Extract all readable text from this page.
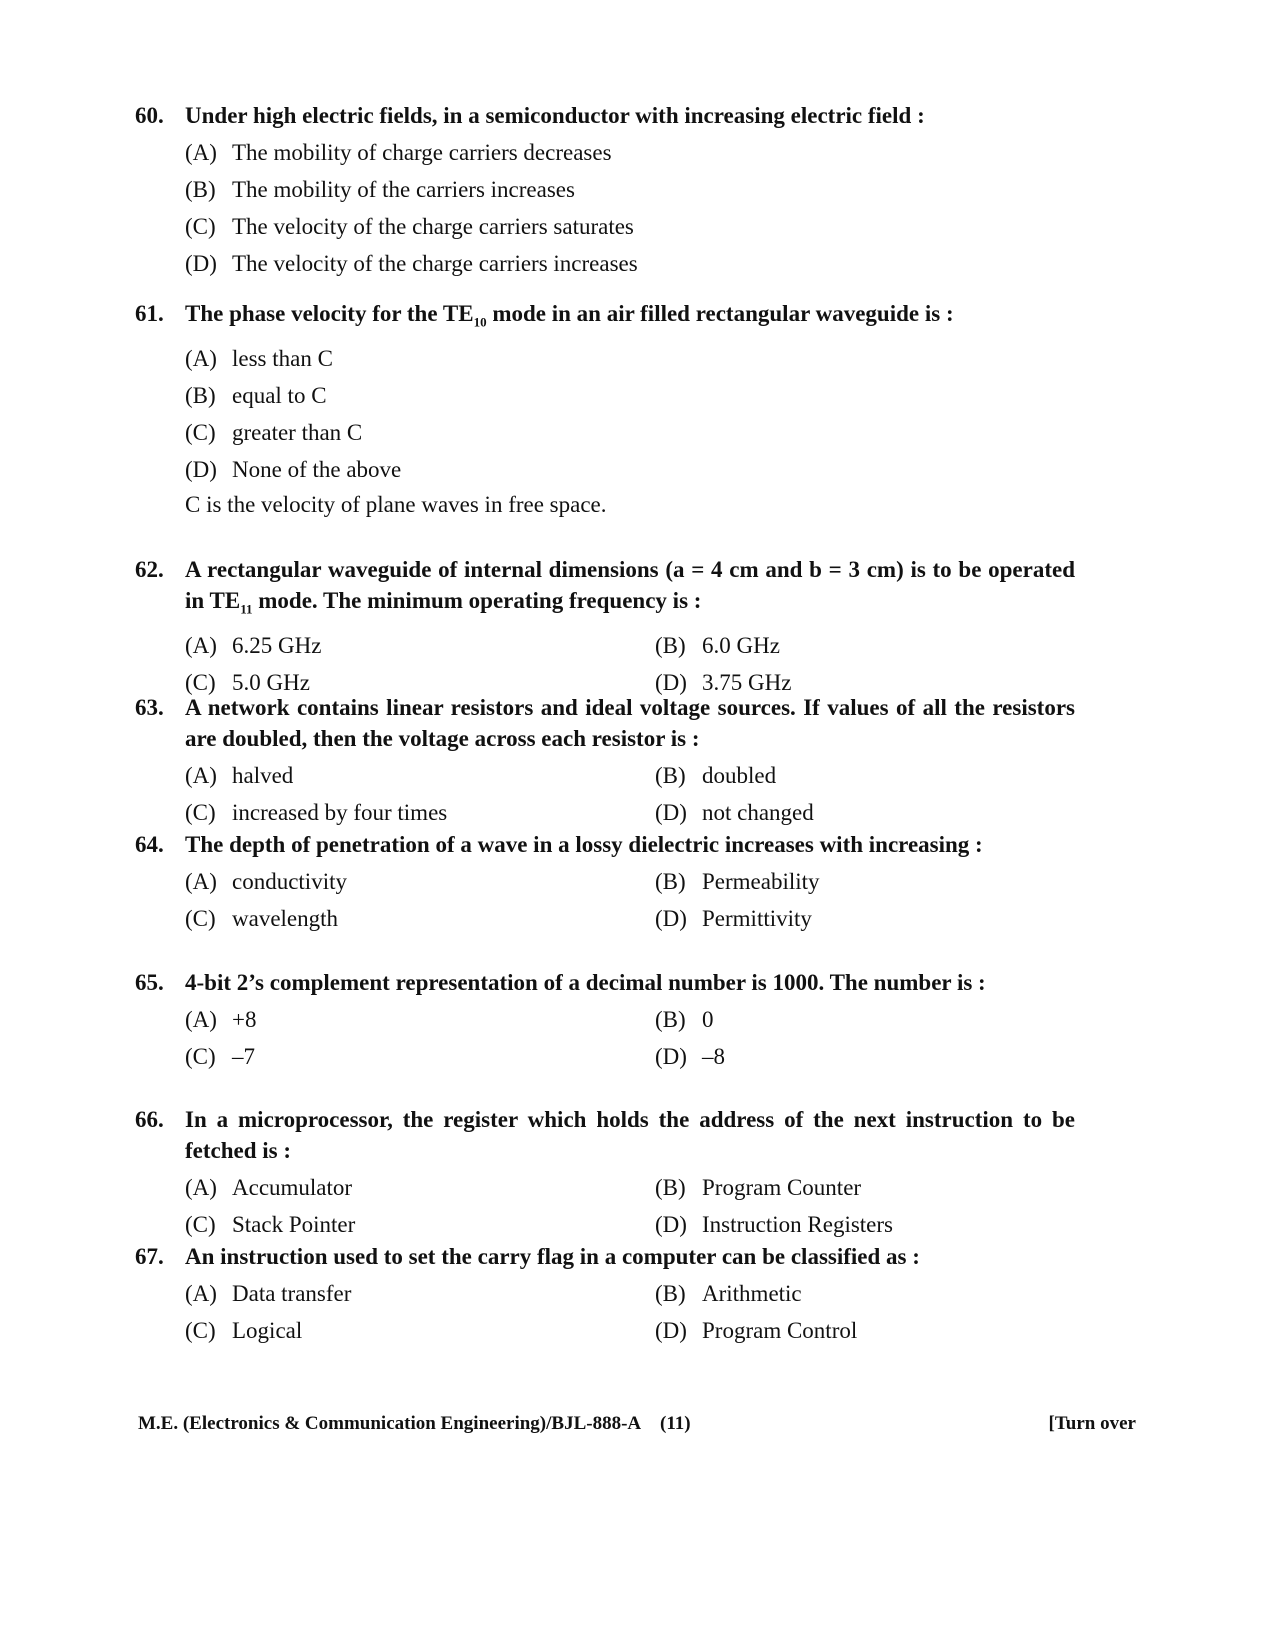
60. Under high electric fields, in a semiconductor with increasing electric field :
(A) The mobility of charge carriers decreases
(B) The mobility of the carriers increases
(C) The velocity of the charge carriers saturates
(D) The velocity of the charge carriers increases
61. The phase velocity for the $TE_{10}$ mode in an air filled rectangular waveguide is :
(A) less than C
(B) equal to C
(C) greater than C
(D) None of the above
C is the velocity of plane waves in free space.
62. A rectangular waveguide of internal dimensions (a = 4 cm and b = 3 cm) is to be operated in $TE_{11}$ mode. The minimum operating frequency is :
(A) 6.25 GHz	(B) 6.0 GHz
(C) 5.0 GHz	(D) 3.75 GHz
63. A network contains linear resistors and ideal voltage sources. If values of all the resistors are doubled, then the voltage across each resistor is :
(A) halved	(B) doubled
(C) increased by four times	(D) not changed
64. The depth of penetration of a wave in a lossy dielectric increases with increasing :
(A) conductivity	(B) Permeability
(C) wavelength	(D) Permittivity
65. 4-bit 2’s complement representation of a decimal number is 1000. The number is :
(A) +8	(B) 0
(C) –7	(D) –8
66. In a microprocessor, the register which holds the address of the next instruction to be fetched is :
(A) Accumulator	(B) Program Counter
(C) Stack Pointer	(D) Instruction Registers
67. An instruction used to set the carry flag in a computer can be classified as :
(A) Data transfer	(B) Arithmetic
(C) Logical	(D) Program Control
M.E. (Electronics & Communication Engineering)/BJL-888-A (11)	[Turn over
